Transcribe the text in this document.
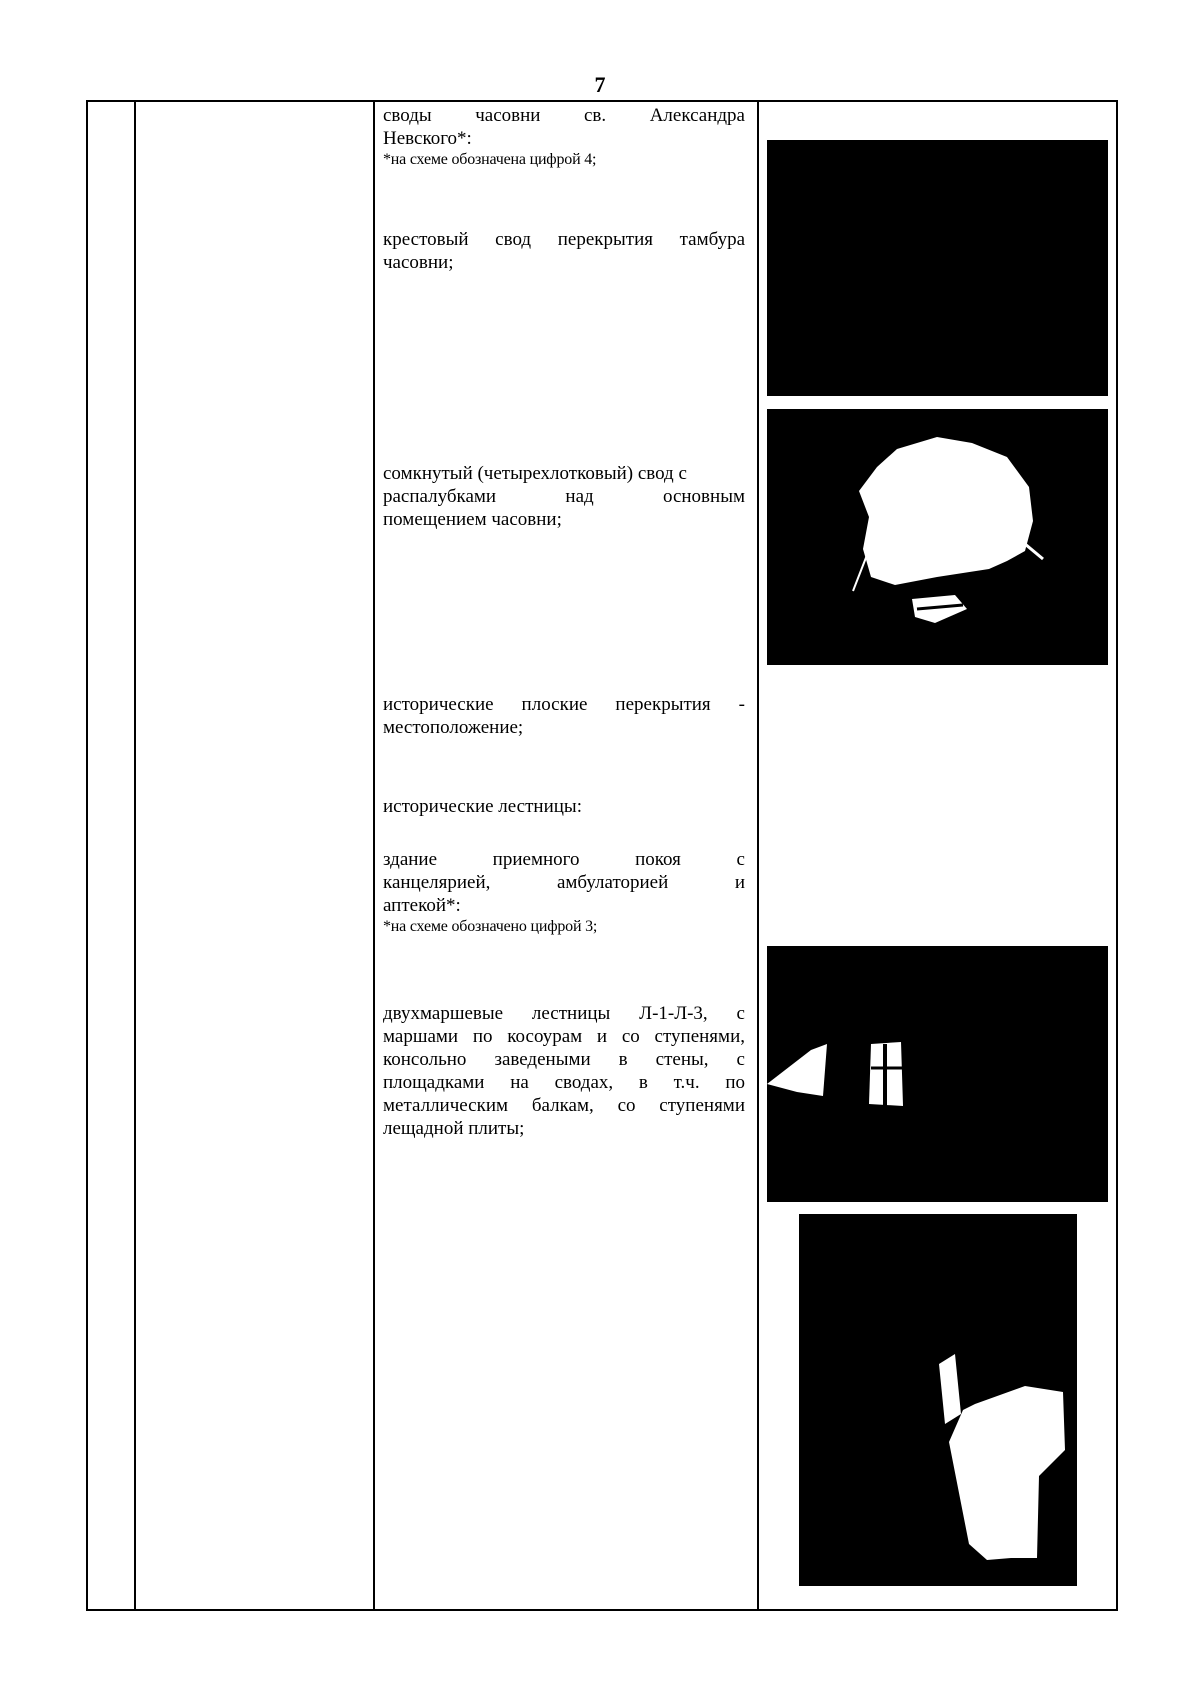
7
своды часовни св. Александра
Невского*:
*на схеме обозначена цифрой 4;
крестовый свод перекрытия тамбура часовни;
сомкнутый (четырехлотковый) свод с
распалубками	над	основным
помещением часовни;
исторические плоские перекрытия - местоположение;
исторические лестницы:
здание	приемного	покоя	с
канцелярией,	амбулаторией	и
аптекой*:
*на схеме обозначено цифрой 3;
двухмаршевые лестницы Л-1-Л-3, с маршами по косоурам и со ступенями, консольно заведеными в стены, с площадками на сводах, в т.ч. по металлическим балкам, со ступенями лещадной плиты;
